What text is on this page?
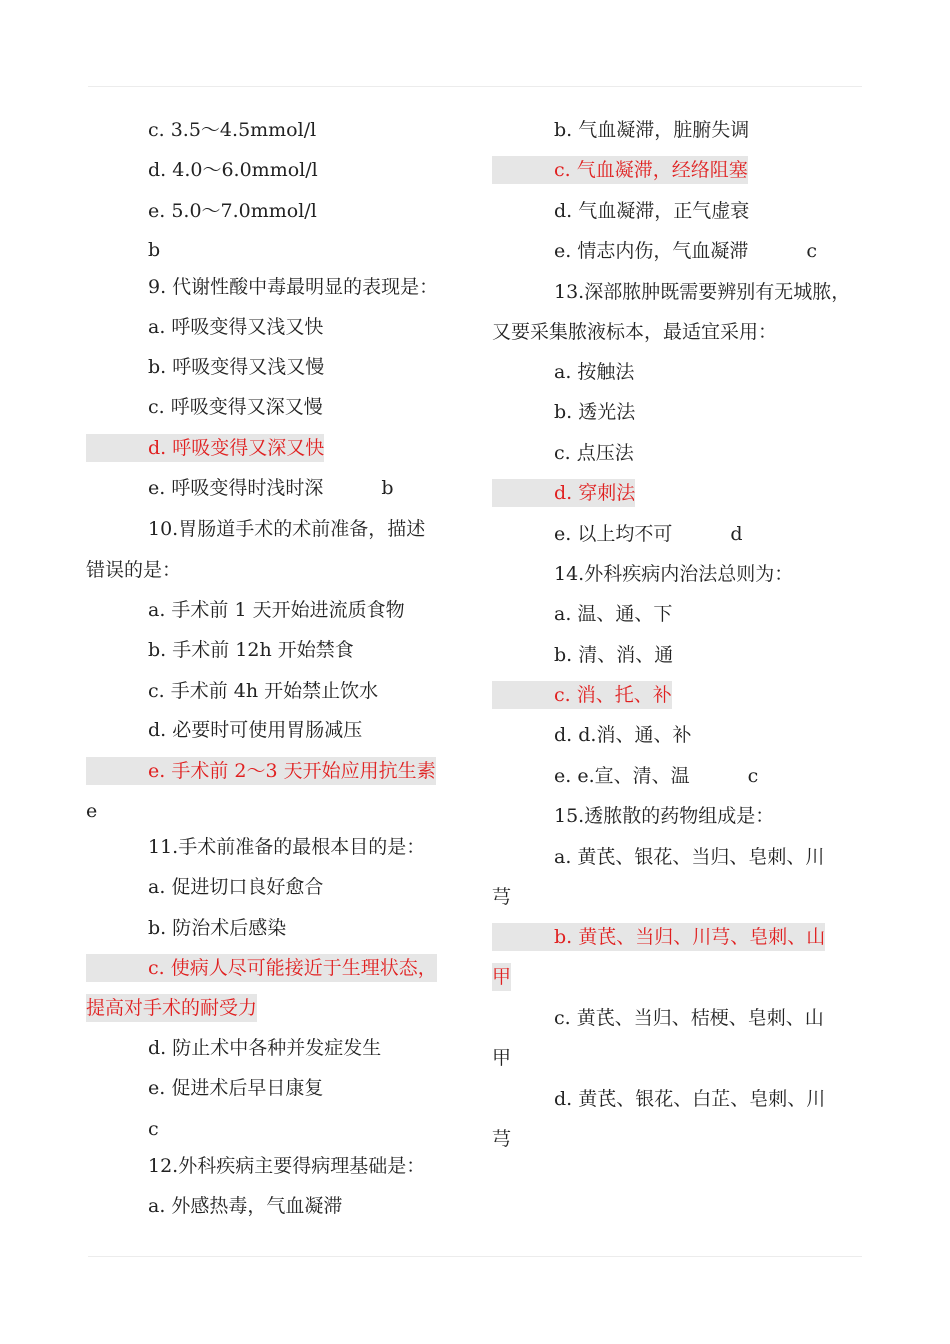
c. 3.5～4.5mmol/l
d. 4.0～6.0mmol/l
e. 5.0～7.0mmol/l
b
9. 代谢性酸中毒最明显的表现是：
a. 呼吸变得又浅又快
b. 呼吸变得又浅又慢
c. 呼吸变得又深又慢
d. 呼吸变得又深又快
e. 呼吸变得时浅时深	b
10.胃肠道手术的术前准备，描述
错误的是：
a. 手术前 1 天开始进流质食物
b. 手术前 12h 开始禁食
c. 手术前 4h 开始禁止饮水
d. 必要时可使用胃肠减压
e. 手术前 2～3 天开始应用抗生素
e
11.手术前准备的最根本目的是：
a. 促进切口良好愈合
b. 防治术后感染
c. 使病人尽可能接近于生理状态，
提高对手术的耐受力
d. 防止术中各种并发症发生
e. 促进术后早日康复
c
12.外科疾病主要得病理基础是：
a. 外感热毒，气血凝滞
b. 气血凝滞，脏腑失调
c. 气血凝滞，经络阻塞
d. 气血凝滞，正气虚衰
e. 情志内伤，气血凝滞	c
13.深部脓肿既需要辨别有无城脓，
又要采集脓液标本，最适宜采用：
a. 按触法
b. 透光法
c. 点压法
d. 穿刺法
e. 以上均不可	d
14.外科疾病内治法总则为：
a. 温、通、下
b. 清、消、通
c. 消、托、补
d. d.消、通、补
e. e.宣、清、温	c
15.透脓散的药物组成是：
a. 黄芪、银花、当归、皂刺、川
芎
b. 黄芪、当归、川芎、皂刺、山
甲
c. 黄芪、当归、桔梗、皂刺、山
甲
d. 黄芪、银花、白芷、皂刺、川
芎
